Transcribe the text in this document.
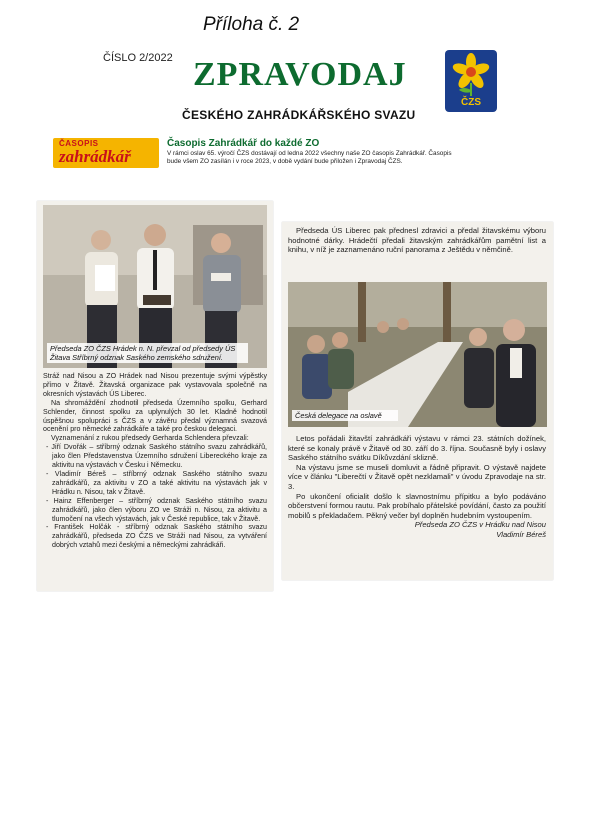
Příloha č. 2
ČÍSLO 2/2022 ZPRAVODAJ
ČESKÉHO ZAHRÁDKÁŘSKÉHO SVAZU
ČZS
ČASOPIS
zahrádkář
Časopis Zahrádkář do každé ZO
V rámci oslav 65. výročí ČZS dostávají od ledna 2022 všechny naše ZO časopis Zahrádkář. Časopis bude všem ZO zasílán i v roce 2023, v době vydání bude přiložen i Zpravodaj ČZS.
Předseda ZO ČZS Hrádek n. N. převzal od předsedy ÚS Žitava Stříbrný odznak Saského zemského sdružení.

Stráž nad Nisou a ZO Hrádek nad Nisou prezentuje svými výpěstky přímo v Žitavě. Žitavská organizace pak vystavovala společně na okresních výstavách ÚS Liberec.

Na shromáždění zhodnotil předseda Územního spolku, Gerhard Schlender, činnost spolku za uplynulých 30 let. Kladně hodnotil úspěšnou spolupráci s ČZS a v závěru předal významná svazová ocenění pro německé zahrádkáře a také pro českou delegaci.

Vyznamenání z rukou předsedy Gerharda Schlendera převzali:

- Jiří Dvořák – stříbrný odznak Saského státního svazu zahrádkářů, jako člen Představenstva Územního sdružení Libereckého kraje za aktivitu na výstavách v Česku i Německu.

- Vladimír Béreš – stříbrný odznak Saského státního svazu zahrádkářů, za aktivitu v ZO a také aktivitu na výstavách jak v Hrádku n. Nisou, tak v Žitavě.

- Hainz Effenberger – stříbrný odznak Saského státního svazu zahrádkářů, jako člen výboru ZO ve Stráži n. Nisou, za aktivitu a tlumočení na všech výstavách, jak v České republice, tak v Žitavě.

- František Holčák - stříbrný odznak Saského státního svazu zahrádkářů, předseda ZO ČZS ve Stráži nad Nisou, za vytváření dobrých vztahů mezi českými a německými zahrádkáři.

Předseda ÚS Liberec pak přednesl zdravici a předal žitavskému výboru hodnotné dárky. Hrádečtí předali žitavským zahrádkářům pamětní list a knihu, v níž je zaznamenáno ruční panorama z Ještědu v němčině.

Česká delegace na oslavě

Letos pořádali žitavští zahrádkáři výstavu v rámci 23. státních dožínek, které se konaly právě v Žitavě od 30. září do 3. října. Současně byly i oslavy Saského státního svátku Díkůvzdání sklizně.

Na výstavu jsme se museli domluvit a řádně připravit. O výstavě najdete více v článku "Liberečtí v Žitavě opět nezklamali" v úvodu Zpravodaje na str. 3.

Po ukončení oficialit došlo k slavnostnímu přípitku a bylo podáváno občerstvení formou rautu. Pak probíhalo přátelské povídání, často za použití mobilů s překladačem. Pěkný večer byl doplněn hudebním vystoupením.

Předseda ZO ČZS v Hrádku nad Nisou

Vladimír Béreš
